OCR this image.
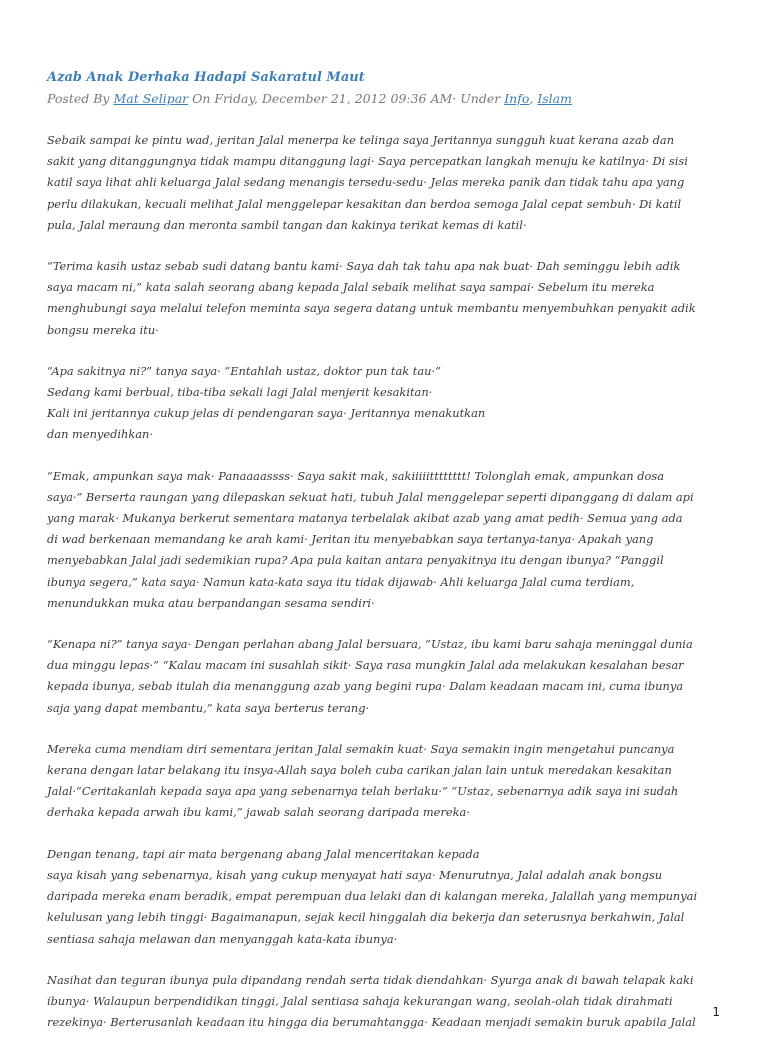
Azab Anak Derhaka Hadapi Sakaratul Maut
Posted By Mat Selipar On Friday, December 21, 2012 09:36 AM· Under Info, Islam
Sebaik sampai ke pintu wad, jeritan Jalal menerpa ke telinga saya Jeritannya sungguh kuat kerana azab dan
sakit yang ditanggungnya tidak mampu ditanggung lagi· Saya percepatkan langkah menuju ke katilnya· Di sisi
katil saya lihat ahli keluarga Jalal sedang menangis tersedu-sedu· Jelas mereka panik dan tidak tahu apa yang
perlu dilakukan, kecuali melihat Jalal menggelepar kesakitan dan berdoa semoga Jalal cepat sembuh· Di katil
pula, Jalal meraung dan meronta sambil tangan dan kakinya terikat kemas di katil·
“Terima kasih ustaz sebab sudi datang bantu kami· Saya dah tak tahu apa nak buat· Dah seminggu lebih adik
saya macam ni,” kata salah seorang abang kepada Jalal sebaik melihat saya sampai· Sebelum itu mereka
menghubungi saya melalui telefon meminta saya segera datang untuk membantu menyembuhkan penyakit adik
bongsu mereka itu·
“Apa sakitnya ni?” tanya saya· “Entahlah ustaz, doktor pun tak tau·”
Sedang kami berbual, tiba-tiba sekali lagi Jalal menjerit kesakitan·
Kali ini jeritannya cukup jelas di pendengaran saya· Jeritannya menakutkan
dan menyedihkan·
“Emak, ampunkan saya mak· Panaaaassss· Saya sakit mak, sakiiiiitttttttt! Tolonglah emak, ampunkan dosa
saya·” Berserta raungan yang dilepaskan sekuat hati, tubuh Jalal menggelepar seperti dipanggang di dalam api
yang marak· Mukanya berkerut sementara matanya terbelalak akibat azab yang amat pedih· Semua yang ada
di wad berkenaan memandang ke arah kami· Jeritan itu menyebabkan saya tertanya-tanya· Apakah yang
menyebabkan Jalal jadi sedemikian rupa? Apa pula kaitan antara penyakitnya itu dengan ibunya? “Panggil
ibunya segera,” kata saya· Namun kata-kata saya itu tidak dijawab· Ahli keluarga Jalal cuma terdiam,
menundukkan muka atau berpandangan sesama sendiri·
“Kenapa ni?” tanya saya· Dengan perlahan abang Jalal bersuara, “Ustaz, ibu kami baru sahaja meninggal dunia
dua minggu lepas·” “Kalau macam ini susahlah sikit· Saya rasa mungkin Jalal ada melakukan kesalahan besar
kepada ibunya, sebab itulah dia menanggung azab yang begini rupa· Dalam keadaan macam ini, cuma ibunya
saja yang dapat membantu,” kata saya berterus terang·
Mereka cuma mendiam diri sementara jeritan Jalal semakin kuat· Saya semakin ingin mengetahui puncanya
kerana dengan latar belakang itu insya-Allah saya boleh cuba carikan jalan lain untuk meredakan kesakitan
Jalal·“Ceritakanlah kepada saya apa yang sebenarnya telah berlaku·” “Ustaz, sebenarnya adik saya ini sudah
derhaka kepada arwah ibu kami,” jawab salah seorang daripada mereka·
Dengan tenang, tapi air mata bergenang abang Jalal menceritakan kepada
saya kisah yang sebenarnya, kisah yang cukup menyayat hati saya· Menurutnya, Jalal adalah anak bongsu
daripada mereka enam beradik, empat perempuan dua lelaki dan di kalangan mereka, Jalallah yang mempunyai
kelulusan yang lebih tinggi· Bagaimanapun, sejak kecil hinggalah dia bekerja dan seterusnya berkahwin, Jalal
sentiasa sahaja melawan dan menyanggah kata-kata ibunya·
Nasihat dan teguran ibunya pula dipandang rendah serta tidak diendahkan· Syurga anak di bawah telapak kaki
ibunya· Walaupun berpendidikan tinggi, Jalal sentiasa sahaja kekurangan wang, seolah-olah tidak dirahmati
rezekinya· Berterusanlah keadaan itu hingga dia berumahtangga· Keadaan menjadi semakin buruk apabila Jalal
1
